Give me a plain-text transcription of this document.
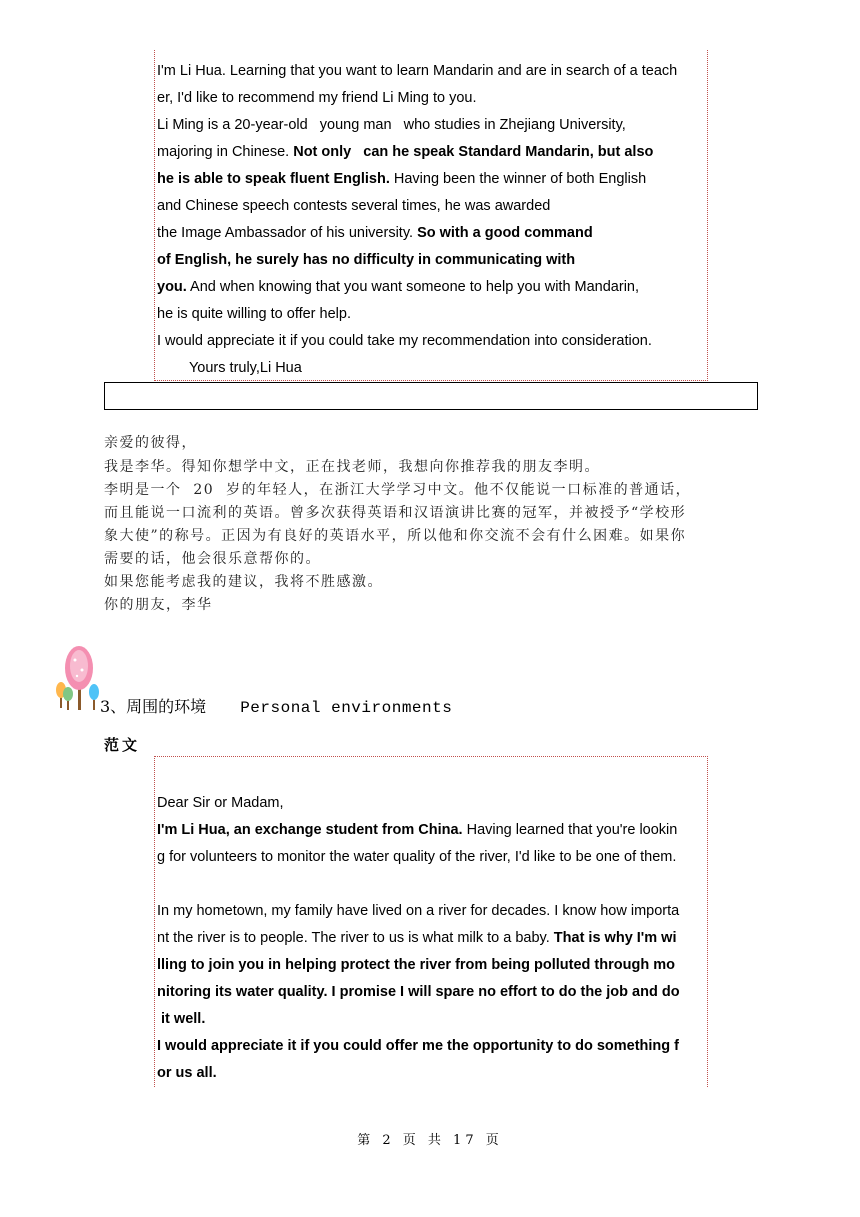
I'm Li Hua. Learning that you want to learn Mandarin and are in search of a teach
er, I'd like to recommend my friend Li Ming to you.
Li Ming is a 20-year-old   young man   who studies in Zhejiang University,
majoring in Chinese. Not only   can he speak Standard Mandarin, but also
he is able to speak fluent English. Having been the winner of both English
and Chinese speech contests several times, he was awarded
the Image Ambassador of his university. So with a good command
of English, he surely has no difficulty in communicating with
you. And when knowing that you want someone to help you with Mandarin,
he is quite willing to offer help.
I would appreciate it if you could take my recommendation into consideration.
Yours truly,Li Hua
亲爱的彼得，
我是李华。得知你想学中文，正在找老师，我想向你推荐我的朋友李明。
李明是一个  20  岁的年轻人，在浙江大学学习中文。他不仅能说一口标准的普通话，
而且能说一口流利的英语。曾多次获得英语和汉语演讲比赛的冠军，并被授予“学校形
象大使”的称号。正因为有良好的英语水平，所以他和你交流不会有什么困难。如果你
需要的话，他会很乐意帮你的。
如果您能考虑我的建议，我将不胜感激。
你的朋友，李华
3、周围的环境 Personal environments
范文
Dear Sir or Madam,
I'm Li Hua, an exchange student from China. Having learned that you're lookin
g for volunteers to monitor the water quality of the river, I'd like to be one of them.
In my hometown, my family have lived on a river for decades. I know how importa
nt the river is to people. The river to us is what milk to a baby. That is why I'm wi
lling to join you in helping protect the river from being polluted through mo
nitoring its water quality. I promise I will spare no effort to do the job and do
it well.
I would appreciate it if you could offer me the opportunity to do something f
or us all.
第 2 页 共 17 页
